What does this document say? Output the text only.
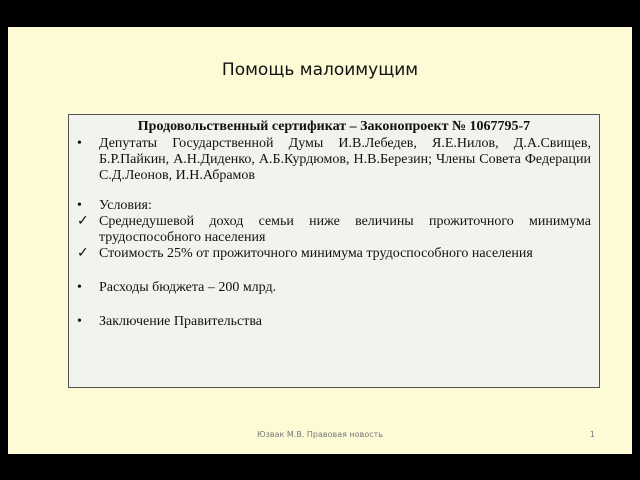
Помощь малоимущим
Продовольственный сертификат – Законопроект № 1067795-7
•	Депутаты Государственной Думы И.В.Лебедев, Я.Е.Нилов, Д.А.Свищев, Б.Р.Пайкин, А.Н.Диденко, А.Б.Курдюмов, Н.В.Березин; Члены Совета Федерации С.Д.Леонов, И.Н.Абрамов
•	Условия:
✓ Среднедушевой доход семьи ниже величины прожиточного минимума трудоспособного населения
✓ Стоимость 25% от прожиточного минимума трудоспособного населения
•	Расходы бюджета – 200 млрд.
•	Заключение Правительства
Юзвак М.В. Правовая новость	1
